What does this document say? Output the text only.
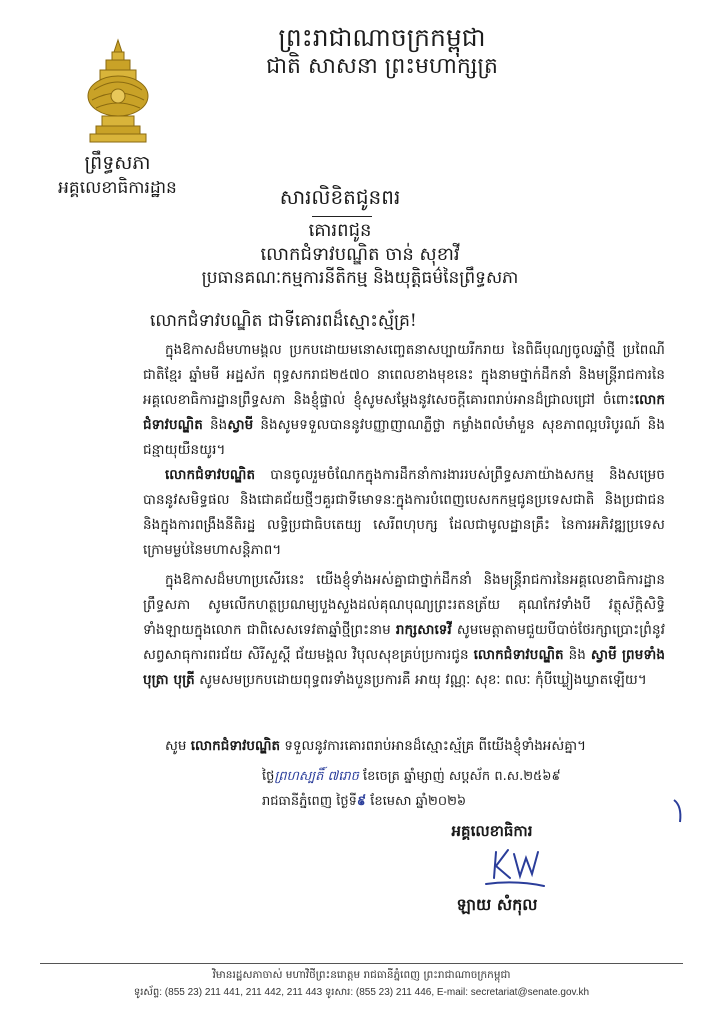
ព្រះរាជាណាចក្រកម្ពុជា
ជាតិ សាសនា ព្រះមហាក្សត្រ
ព្រឹទ្ធសភា
អគ្គលេខាធិការដ្ឋាន	សារលិខិតជូនពរ
គោរពជូន
លោកជំទាវបណ្ឌិត ចាន់ សុខាវី
ប្រធានគណៈកម្មការនីតិកម្ម និងយុត្តិធម៌នៃព្រឹទ្ធសភា
លោកជំទាវបណ្ឌិត ជាទីគោរពដ៏ស្មោះស្ម័គ្រ!
ក្នុងឱកាសដ៏មហាមង្គល ប្រកបដោយមនោសញ្ចេតនាសប្បាយរីករាយ នៃពិធីបុណ្យចូលឆ្នាំថ្មី ប្រពៃណីជាតិខ្មែរ ឆ្នាំមមី អដ្ឋស័ក ពុទ្ធសករាជ២៥៧០ នាពេលខាងមុខនេះ ក្នុងនាមថ្នាក់ដឹកនាំ និងមន្ត្រីរាជការនៃអគ្គលេខាធិការដ្ឋានព្រឹទ្ធសភា និងខ្ញុំផ្ទាល់ ខ្ញុំសូមសម្ដែងនូវសេចក្ដីគោរពរាប់អានដ៏ជ្រាលជ្រៅ ចំពោះលោកជំទាវបណ្ឌិត និងស្វាមី និងសូមទទួលបាននូវបញ្ញាញាណភ្លឺថ្លា កម្លាំងពលំមាំមួន សុខភាពល្អបរិបូរណ៍ និងជន្មាយុយឺនយូរ។
លោកជំទាវបណ្ឌិត បានចូលរួមចំណែកក្នុងការដឹកនាំការងាររបស់ព្រឹទ្ធសភាយ៉ាងសកម្ម និងសម្រេចបាននូវសមិទ្ធផល និងជោគជ័យថ្មីៗគួរជាទីមោទនៈក្នុងការបំពេញបេសកកម្មជូនប្រទេសជាតិ និងប្រជាជន និងក្នុងការពង្រឹងនីតិរដ្ឋ លទ្ធិប្រជាធិបតេយ្យ សេរីពហុបក្ស ដែលជាមូលដ្ឋានគ្រឹះ នៃការអភិវឌ្ឍប្រទេសក្រោមម្លប់នៃមហាសន្តិភាព។
ក្នុងឱកាសដ៏មហាប្រសើរនេះ យើងខ្ញុំទាំងអស់គ្នាជាថ្នាក់ដឹកនាំ និងមន្ត្រីរាជការនៃអគ្គលេខាធិការដ្ឋានព្រឹទ្ធសភា សូមលើកហត្ថប្រណម្យបួងសួងដល់គុណបុណ្យព្រះរតនត្រ័យ គុណកែវទាំងបី វត្ថុស័ក្តិសិទ្ធិទាំងឡាយក្នុងលោក ជាពិសេសទេវតាឆ្នាំថ្មីព្រះនាម រាក្សសាទេវី សូមមេត្តាតាមជួយបីបាច់ថែរក្សាប្រោះព្រំនូវសព្វសាធុការពរជ័យ សិរីសួស្ដី ជ័យមង្គល វិបុលសុខគ្រប់ប្រការជូន លោកជំទាវបណ្ឌិត និង ស្វាមី ព្រមទាំង បុត្រា បុត្រី សូមសមប្រកបដោយពុទ្ធពរទាំងបួនប្រការគឺ អាយុ វណ្ណៈ សុខៈ ពលៈ កុំបីឃ្លៀងឃ្លាតឡើយ។
សូម លោកជំទាវបណ្ឌិត ទទួលនូវការគោរពរាប់អានដ៏ស្មោះស្ម័គ្រ ពីយើងខ្ញុំទាំងអស់គ្នា។
ថ្ងៃព្រហស្បតិ៍ ៧រោច ខែចេត្រ ឆ្នាំម្សាញ់ សប្តស័ក ព.ស.២៥៦៩
រាជធានីភ្នំពេញ ថ្ងៃទី៩ ខែមេសា ឆ្នាំ២០២៦
អគ្គលេខាធិការ
ឡាយ សំកុល
វិមានរដ្ឋសភាចាស់ មហាវិថីព្រះនរោត្តម រាជធានីភ្នំពេញ ព្រះរាជាណាចក្រកម្ពុជា
ទូរស័ព្ទ: (855 23) 211 441, 211 442, 211 443 ទូរសារ: (855 23) 211 446, E-mail: secretariat@senate.gov.kh
